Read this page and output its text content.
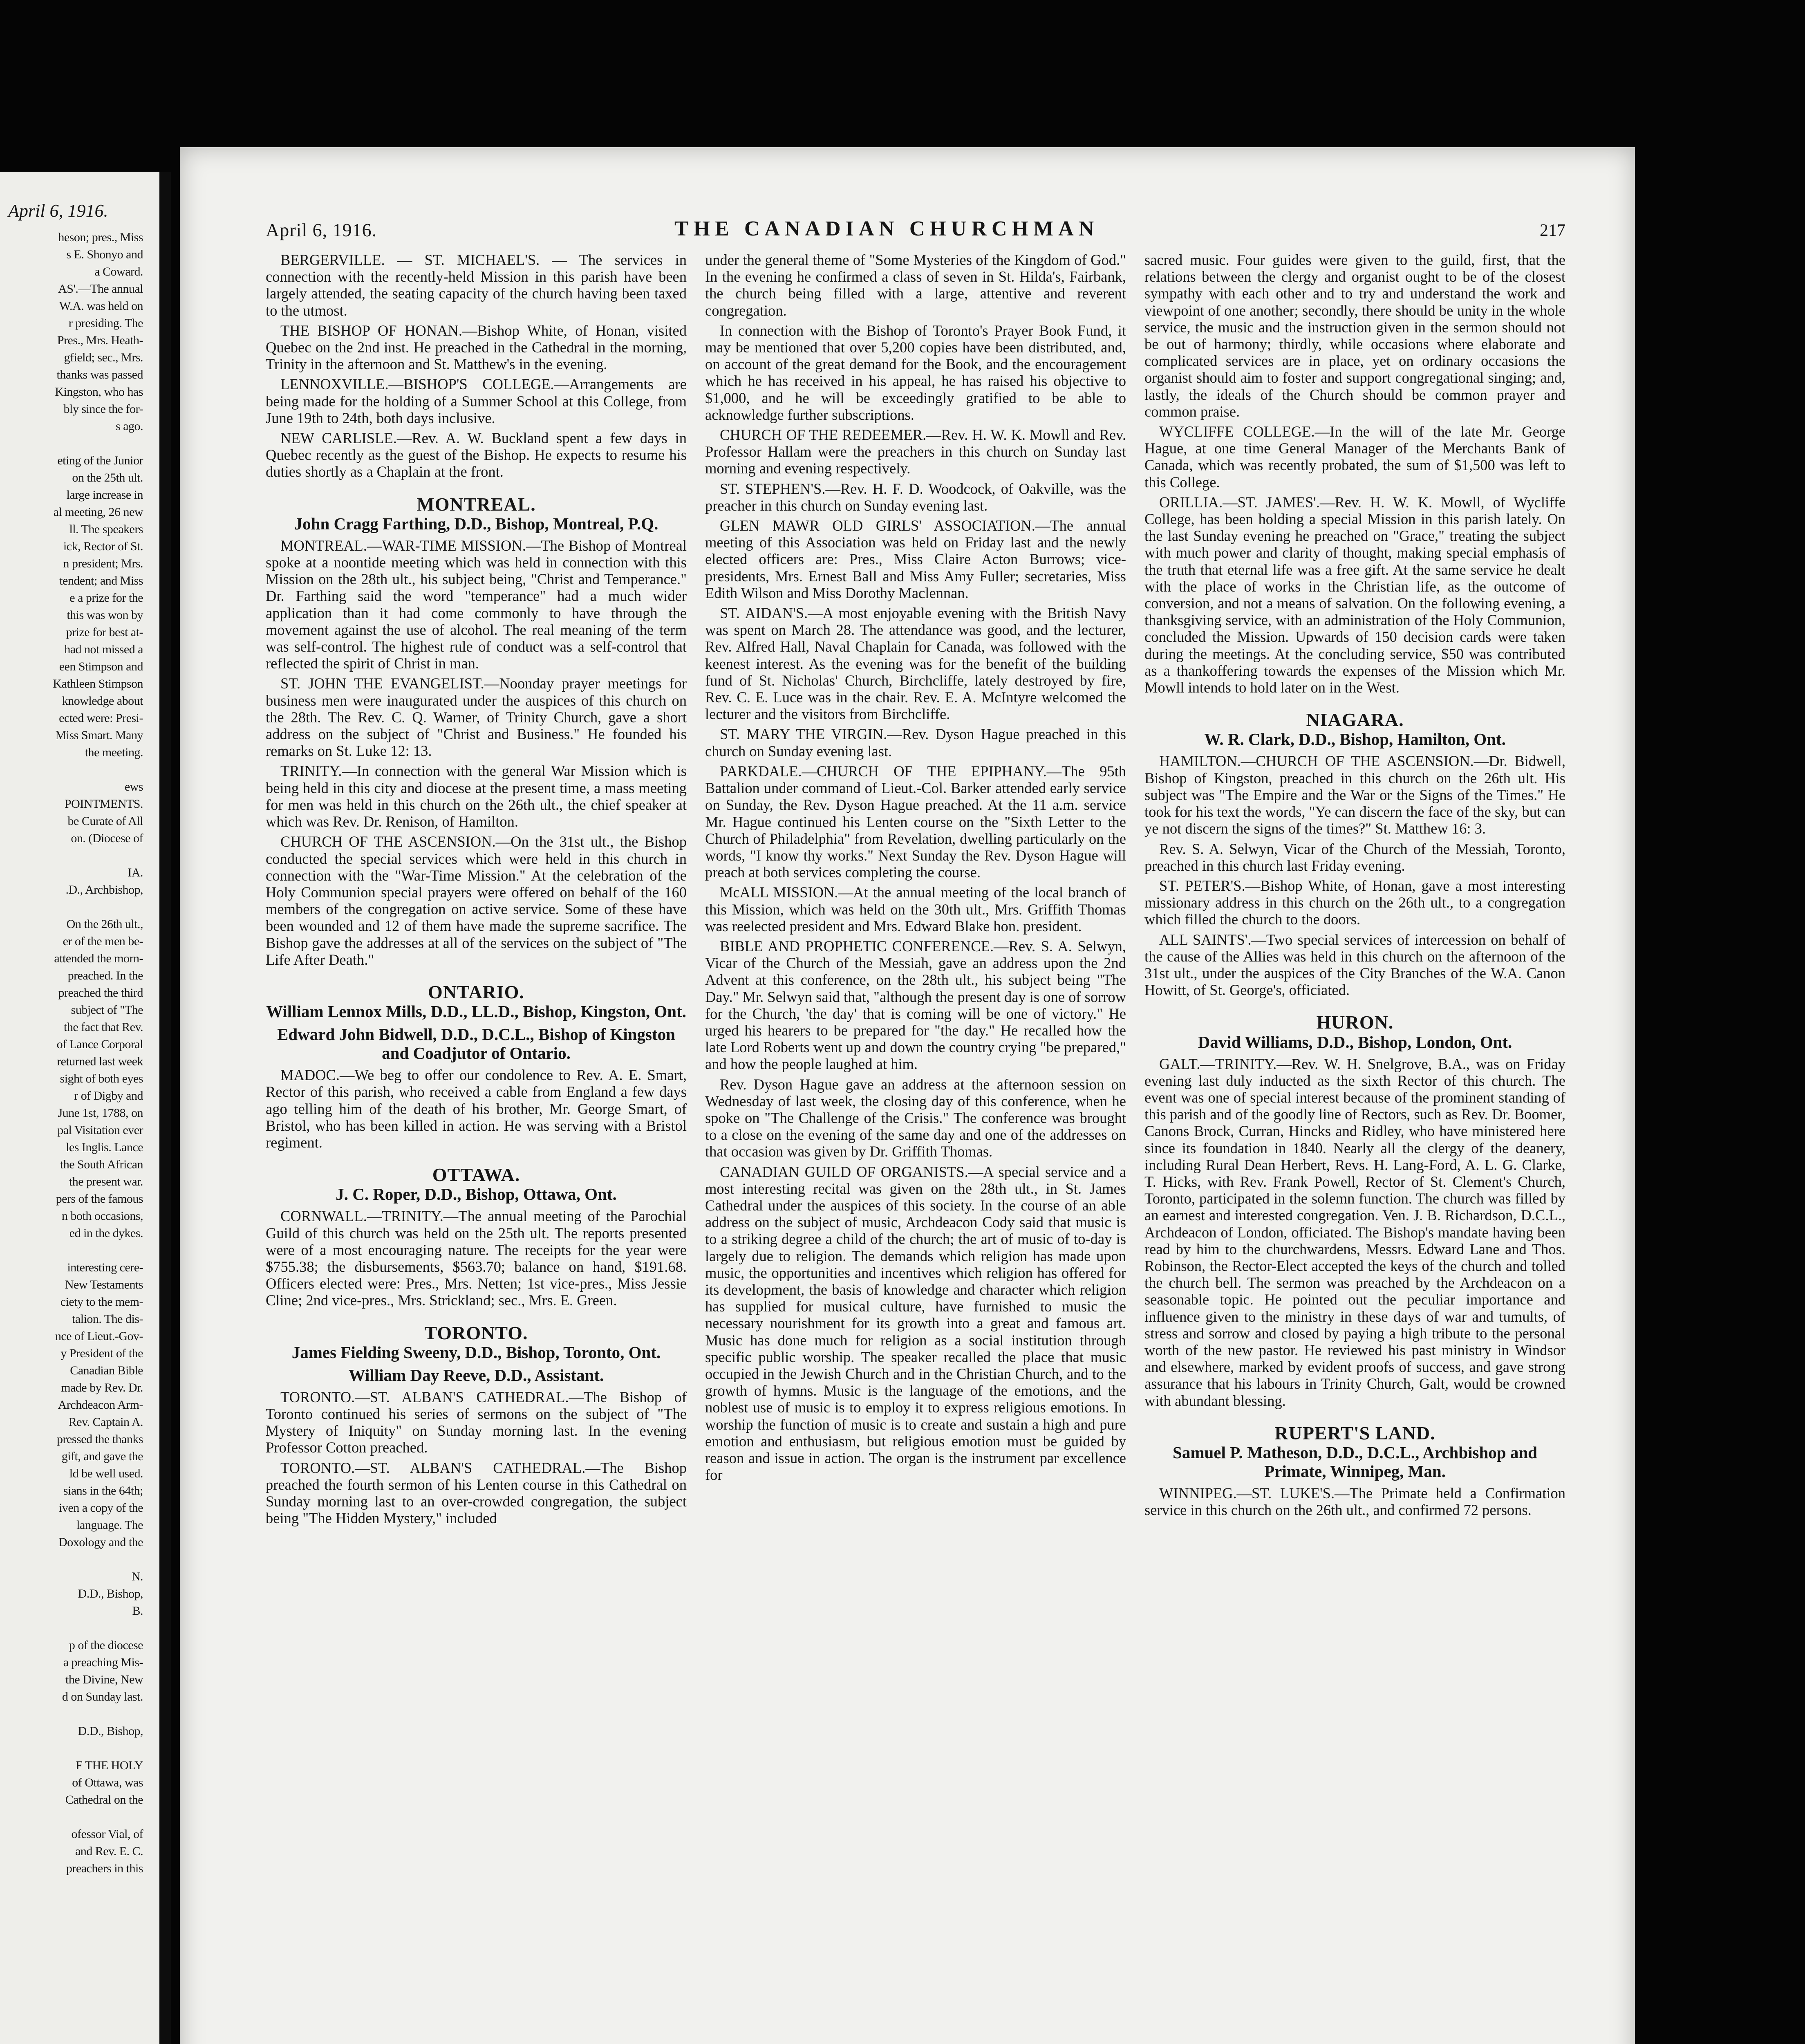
April 6, 1916.
heson; pres., Miss
s E. Shonyo and
a Coward.
AS'.—The annual
W.A. was held on
r presiding. The
Pres., Mrs. Heath-
gfield; sec., Mrs.
thanks was passed
Kingston, who has
bly since the for-
s ago.

eting of the Junior
on the 25th ult.
large increase in
al meeting, 26 new
ll. The speakers
ick, Rector of St.
n president; Mrs.
tendent; and Miss
e a prize for the
this was won by
prize for best at-
had not missed a
een Stimpson and
Kathleen Stimpson
knowledge about
ected were: Presi-
Miss Smart. Many
the meeting.

ews
POINTMENTS.
be Curate of All
on. (Diocese of

IA.
.D., Archbishop,

On the 26th ult.,
er of the men be-
attended the morn-
preached. In the
preached the third
subject of "The
the fact that Rev.
of Lance Corporal
returned last week
sight of both eyes
r of Digby and
June 1st, 1788, on
pal Visitation ever
les Inglis. Lance
the South African
the present war.
pers of the famous
n both occasions,
ed in the dykes.

interesting cere-
New Testaments
ciety to the mem-
talion. The dis-
nce of Lieut.-Gov-
y President of the
Canadian Bible
made by Rev. Dr.
Archdeacon Arm-
Rev. Captain A.
pressed the thanks
gift, and gave the
ld be well used.
sians in the 64th;
iven a copy of the
language. The
Doxology and the

N.
D.D., Bishop,
B.

p of the diocese
a preaching Mis-
the Divine, New
d on Sunday last.

D.D., Bishop,

F THE HOLY
of Ottawa, was
Cathedral on the

ofessor Vial, of
and Rev. E. C.
preachers in this
April 6, 1916.	THE CANADIAN CHURCHMAN	217

BERGERVILLE. — ST. MICHAEL'S. — The services in connection with the recently-held Mission in this parish have been largely attended, the seating capacity of the church having been taxed to the utmost.

THE BISHOP OF HONAN.—Bishop White, of Honan, visited Quebec on the 2nd inst. He preached in the Cathedral in the morning, Trinity in the afternoon and St. Matthew's in the evening.

LENNOXVILLE.—BISHOP'S COLLEGE.—Arrangements are being made for the holding of a Summer School at this College, from June 19th to 24th, both days inclusive.

NEW CARLISLE.—Rev. A. W. Buckland spent a few days in Quebec recently as the guest of the Bishop. He expects to resume his duties shortly as a Chaplain at the front.

MONTREAL.
John Cragg Farthing, D.D., Bishop, Montreal, P.Q.

MONTREAL.—WAR-TIME MISSION.—The Bishop of Montreal spoke at a noontide meeting which was held in connection with this Mission on the 28th ult., his subject being, "Christ and Temperance." Dr. Farthing said the word "temperance" had a much wider application than it had come commonly to have through the movement against the use of alcohol. The real meaning of the term was self-control. The highest rule of conduct was a self-control that reflected the spirit of Christ in man.

ST. JOHN THE EVANGELIST.—Noonday prayer meetings for business men were inaugurated under the auspices of this church on the 28th. The Rev. C. Q. Warner, of Trinity Church, gave a short address on the subject of "Christ and Business." He founded his remarks on St. Luke 12: 13.

TRINITY.—In connection with the general War Mission which is being held in this city and diocese at the present time, a mass meeting for men was held in this church on the 26th ult., the chief speaker at which was Rev. Dr. Renison, of Hamilton.

CHURCH OF THE ASCENSION.—On the 31st ult., the Bishop conducted the special services which were held in this church in connection with the "War-Time Mission." At the celebration of the Holy Communion special prayers were offered on behalf of the 160 members of the congregation on active service. Some of these have been wounded and 12 of them have made the supreme sacrifice. The Bishop gave the addresses at all of the services on the subject of "The Life After Death."

ONTARIO.
William Lennox Mills, D.D., LL.D., Bishop, Kingston, Ont.
Edward John Bidwell, D.D., D.C.L., Bishop of Kingston and Coadjutor of Ontario.

MADOC.—We beg to offer our condolence to Rev. A. E. Smart, Rector of this parish, who received a cable from England a few days ago telling him of the death of his brother, Mr. George Smart, of Bristol, who has been killed in action. He was serving with a Bristol regiment.

OTTAWA.
J. C. Roper, D.D., Bishop, Ottawa, Ont.

CORNWALL.—TRINITY.—The annual meeting of the Parochial Guild of this church was held on the 25th ult. The reports presented were of a most encouraging nature. The receipts for the year were $755.38; the disbursements, $563.70; balance on hand, $191.68. Officers elected were: Pres., Mrs. Netten; 1st vice-pres., Miss Jessie Cline; 2nd vice-pres., Mrs. Strickland; sec., Mrs. E. Green.

TORONTO.
James Fielding Sweeny, D.D., Bishop, Toronto, Ont.
William Day Reeve, D.D., Assistant.

TORONTO.—ST. ALBAN'S CATHEDRAL.—The Bishop of Toronto continued his series of sermons on the subject of "The Mystery of Iniquity" on Sunday morning last. In the evening Professor Cotton preached.

TORONTO.—ST. ALBAN'S CATHEDRAL.—The Bishop preached the fourth sermon of his Lenten course in this Cathedral on Sunday morning last to an over-crowded congregation, the subject being "The Hidden Mystery," included

under the general theme of "Some Mysteries of the Kingdom of God." In the evening he confirmed a class of seven in St. Hilda's, Fairbank, the church being filled with a large, attentive and reverent congregation.

In connection with the Bishop of Toronto's Prayer Book Fund, it may be mentioned that over 5,200 copies have been distributed, and, on account of the great demand for the Book, and the encouragement which he has received in his appeal, he has raised his objective to $1,000, and he will be exceedingly gratified to be able to acknowledge further subscriptions.

CHURCH OF THE REDEEMER.—Rev. H. W. K. Mowll and Rev. Professor Hallam were the preachers in this church on Sunday last morning and evening respectively.

ST. STEPHEN'S.—Rev. H. F. D. Woodcock, of Oakville, was the preacher in this church on Sunday evening last.

GLEN MAWR OLD GIRLS' ASSOCIATION.—The annual meeting of this Association was held on Friday last and the newly elected officers are: Pres., Miss Claire Acton Burrows; vice-presidents, Mrs. Ernest Ball and Miss Amy Fuller; secretaries, Miss Edith Wilson and Miss Dorothy Maclennan.

ST. AIDAN'S.—A most enjoyable evening with the British Navy was spent on March 28. The attendance was good, and the lecturer, Rev. Alfred Hall, Naval Chaplain for Canada, was followed with the keenest interest. As the evening was for the benefit of the building fund of St. Nicholas' Church, Birchcliffe, lately destroyed by fire, Rev. C. E. Luce was in the chair. Rev. E. A. McIntyre welcomed the lecturer and the visitors from Birchcliffe.

ST. MARY THE VIRGIN.—Rev. Dyson Hague preached in this church on Sunday evening last.

PARKDALE.—CHURCH OF THE EPIPHANY.—The 95th Battalion under command of Lieut.-Col. Barker attended early service on Sunday, the Rev. Dyson Hague preached. At the 11 a.m. service Mr. Hague continued his Lenten course on the "Sixth Letter to the Church of Philadelphia" from Revelation, dwelling particularly on the words, "I know thy works." Next Sunday the Rev. Dyson Hague will preach at both services completing the course.

McALL MISSION.—At the annual meeting of the local branch of this Mission, which was held on the 30th ult., Mrs. Griffith Thomas was reelected president and Mrs. Edward Blake hon. president.

BIBLE AND PROPHETIC CONFERENCE.—Rev. S. A. Selwyn, Vicar of the Church of the Messiah, gave an address upon the 2nd Advent at this conference, on the 28th ult., his subject being "The Day." Mr. Selwyn said that, "although the present day is one of sorrow for the Church, 'the day' that is coming will be one of victory." He urged his hearers to be prepared for "the day." He recalled how the late Lord Roberts went up and down the country crying "be prepared," and how the people laughed at him.

Rev. Dyson Hague gave an address at the afternoon session on Wednesday of last week, the closing day of this conference, when he spoke on "The Challenge of the Crisis." The conference was brought to a close on the evening of the same day and one of the addresses on that occasion was given by Dr. Griffith Thomas.

CANADIAN GUILD OF ORGANISTS.—A special service and a most interesting recital was given on the 28th ult., in St. James Cathedral under the auspices of this society. In the course of an able address on the subject of music, Archdeacon Cody said that music is to a striking degree a child of the church; the art of music of to-day is largely due to religion. The demands which religion has made upon music, the opportunities and incentives which religion has offered for its development, the basis of knowledge and character which religion has supplied for musical culture, have furnished to music the necessary nourishment for its growth into a great and famous art. Music has done much for religion as a social institution through specific public worship. The speaker recalled the place that music occupied in the Jewish Church and in the Christian Church, and to the growth of hymns. Music is the language of the emotions, and the noblest use of music is to employ it to express religious emotions. In worship the function of music is to create and sustain a high and pure emotion and enthusiasm, but religious emotion must be guided by reason and issue in action. The organ is the instrument par excellence for

sacred music. Four guides were given to the guild, first, that the relations between the clergy and organist ought to be of the closest sympathy with each other and to try and understand the work and viewpoint of one another; secondly, there should be unity in the whole service, the music and the instruction given in the sermon should not be out of harmony; thirdly, while occasions where elaborate and complicated services are in place, yet on ordinary occasions the organist should aim to foster and support congregational singing; and, lastly, the ideals of the Church should be common prayer and common praise.

WYCLIFFE COLLEGE.—In the will of the late Mr. George Hague, at one time General Manager of the Merchants Bank of Canada, which was recently probated, the sum of $1,500 was left to this College.

ORILLIA.—ST. JAMES'.—Rev. H. W. K. Mowll, of Wycliffe College, has been holding a special Mission in this parish lately. On the last Sunday evening he preached on "Grace," treating the subject with much power and clarity of thought, making special emphasis of the truth that eternal life was a free gift. At the same service he dealt with the place of works in the Christian life, as the outcome of conversion, and not a means of salvation. On the following evening, a thanksgiving service, with an administration of the Holy Communion, concluded the Mission. Upwards of 150 decision cards were taken during the meetings. At the concluding service, $50 was contributed as a thankoffering towards the expenses of the Mission which Mr. Mowll intends to hold later on in the West.

NIAGARA.
W. R. Clark, D.D., Bishop, Hamilton, Ont.

HAMILTON.—CHURCH OF THE ASCENSION.—Dr. Bidwell, Bishop of Kingston, preached in this church on the 26th ult. His subject was "The Empire and the War or the Signs of the Times." He took for his text the words, "Ye can discern the face of the sky, but can ye not discern the signs of the times?" St. Matthew 16: 3.

Rev. S. A. Selwyn, Vicar of the Church of the Messiah, Toronto, preached in this church last Friday evening.

ST. PETER'S.—Bishop White, of Honan, gave a most interesting missionary address in this church on the 26th ult., to a congregation which filled the church to the doors.

ALL SAINTS'.—Two special services of intercession on behalf of the cause of the Allies was held in this church on the afternoon of the 31st ult., under the auspices of the City Branches of the W.A. Canon Howitt, of St. George's, officiated.

HURON.
David Williams, D.D., Bishop, London, Ont.

GALT.—TRINITY.—Rev. W. H. Snelgrove, B.A., was on Friday evening last duly inducted as the sixth Rector of this church. The event was one of special interest because of the prominent standing of this parish and of the goodly line of Rectors, such as Rev. Dr. Boomer, Canons Brock, Curran, Hincks and Ridley, who have ministered here since its foundation in 1840. Nearly all the clergy of the deanery, including Rural Dean Herbert, Revs. H. Lang-Ford, A. L. G. Clarke, T. Hicks, with Rev. Frank Powell, Rector of St. Clement's Church, Toronto, participated in the solemn function. The church was filled by an earnest and interested congregation. Ven. J. B. Richardson, D.C.L., Archdeacon of London, officiated. The Bishop's mandate having been read by him to the churchwardens, Messrs. Edward Lane and Thos. Robinson, the Rector-Elect accepted the keys of the church and tolled the church bell. The sermon was preached by the Archdeacon on a seasonable topic. He pointed out the peculiar importance and influence given to the ministry in these days of war and tumults, of stress and sorrow and closed by paying a high tribute to the personal worth of the new pastor. He reviewed his past ministry in Windsor and elsewhere, marked by evident proofs of success, and gave strong assurance that his labours in Trinity Church, Galt, would be crowned with abundant blessing.

RUPERT'S LAND.
Samuel P. Matheson, D.D., D.C.L., Archbishop and Primate, Winnipeg, Man.

WINNIPEG.—ST. LUKE'S.—The Primate held a Confirmation service in this church on the 26th ult., and confirmed 72 persons.
